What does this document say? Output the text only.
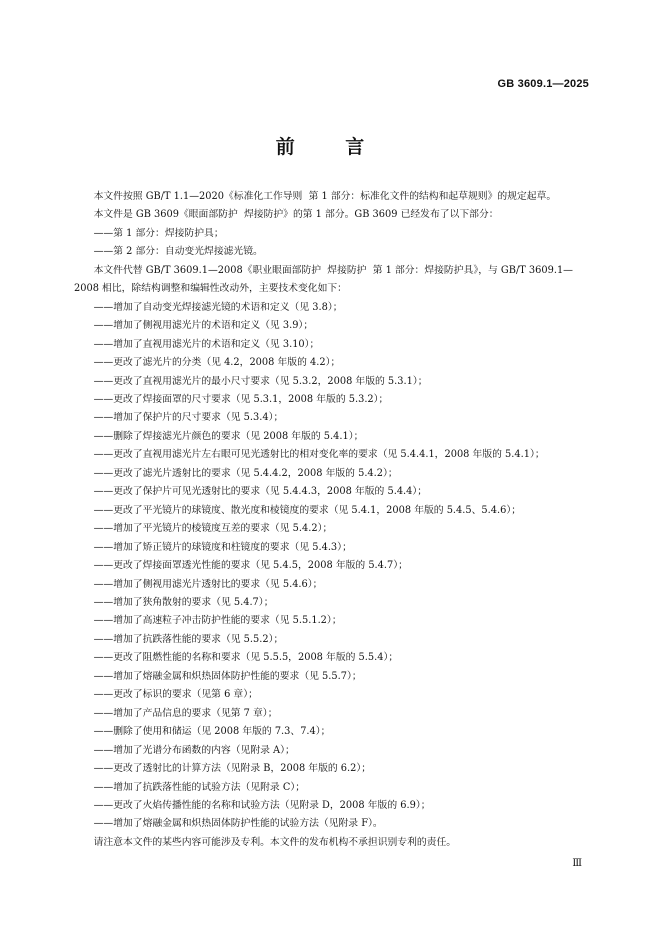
GB 3609.1—2025
前 言

本文件按照 GB/T 1.1—2020《标准化工作导则  第 1 部分：标准化文件的结构和起草规则》的规定起草。

本文件是 GB 3609《眼面部防护  焊接防护》的第 1 部分。GB 3609 已经发布了以下部分：

——第 1 部分：焊接防护具；
——第 2 部分：自动变光焊接滤光镜。

本文件代替 GB/T 3609.1—2008《职业眼面部防护  焊接防护  第 1 部分：焊接防护具》，与 GB/T 3609.1—2008 相比，除结构调整和编辑性改动外，主要技术变化如下：

——增加了自动变光焊接滤光镜的术语和定义（见 3.8）；
——增加了侧视用滤光片的术语和定义（见 3.9）；
——增加了直视用滤光片的术语和定义（见 3.10）；
——更改了滤光片的分类（见 4.2，2008 年版的 4.2）；
——更改了直视用滤光片的最小尺寸要求（见 5.3.2，2008 年版的 5.3.1）；
——更改了焊接面罩的尺寸要求（见 5.3.1，2008 年版的 5.3.2）；
——增加了保护片的尺寸要求（见 5.3.4）；
——删除了焊接滤光片颜色的要求（见 2008 年版的 5.4.1）；
——更改了直视用滤光片左右眼可见光透射比的相对变化率的要求（见 5.4.4.1，2008 年版的 5.4.1）；
——更改了滤光片透射比的要求（见 5.4.4.2，2008 年版的 5.4.2）；
——更改了保护片可见光透射比的要求（见 5.4.4.3，2008 年版的 5.4.4）；
——更改了平光镜片的球镜度、散光度和棱镜度的要求（见 5.4.1，2008 年版的 5.4.5、5.4.6）；
——增加了平光镜片的棱镜度互差的要求（见 5.4.2）；
——增加了矫正镜片的球镜度和柱镜度的要求（见 5.4.3）；
——更改了焊接面罩透光性能的要求（见 5.4.5，2008 年版的 5.4.7）；
——增加了侧视用滤光片透射比的要求（见 5.4.6）；
——增加了狭角散射的要求（见 5.4.7）；
——增加了高速粒子冲击防护性能的要求（见 5.5.1.2）；
——增加了抗跌落性能的要求（见 5.5.2）；
——更改了阻燃性能的名称和要求（见 5.5.5，2008 年版的 5.5.4）；
——增加了熔融金属和炽热固体防护性能的要求（见 5.5.7）；
——更改了标识的要求（见第 6 章）；
——增加了产品信息的要求（见第 7 章）；
——删除了使用和储运（见 2008 年版的 7.3、7.4）；
——增加了光谱分布函数的内容（见附录 A）；
——更改了透射比的计算方法（见附录 B，2008 年版的 6.2）；
——增加了抗跌落性能的试验方法（见附录 C）；
——更改了火焰传播性能的名称和试验方法（见附录 D，2008 年版的 6.9）；
——增加了熔融金属和炽热固体防护性能的试验方法（见附录 F）。

请注意本文件的某些内容可能涉及专利。本文件的发布机构不承担识别专利的责任。

Ⅲ
